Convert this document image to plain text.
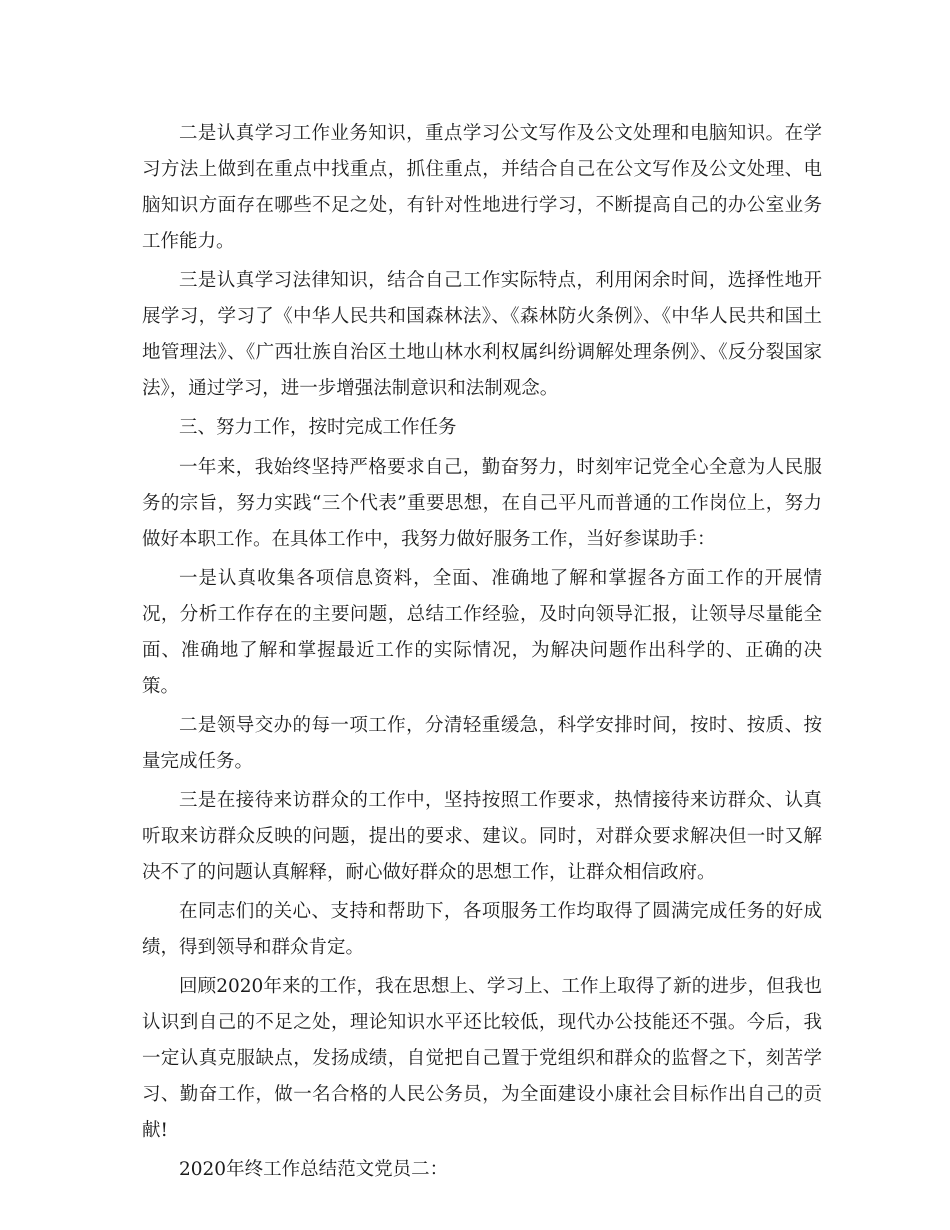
二是认真学习工作业务知识，重点学习公文写作及公文处理和电脑知识。在学习方法上做到在重点中找重点，抓住重点，并结合自己在公文写作及公文处理、电脑知识方面存在哪些不足之处，有针对性地进行学习，不断提高自己的办公室业务工作能力。

三是认真学习法律知识，结合自己工作实际特点，利用闲余时间，选择性地开展学习，学习了《中华人民共和国森林法》、《森林防火条例》、《中华人民共和国土地管理法》、《广西壮族自治区土地山林水利权属纠纷调解处理条例》、《反分裂国家法》，通过学习，进一步增强法制意识和法制观念。

三、努力工作，按时完成工作任务

一年来，我始终坚持严格要求自己，勤奋努力，时刻牢记党全心全意为人民服务的宗旨，努力实践“三个代表”重要思想，在自己平凡而普通的工作岗位上，努力做好本职工作。在具体工作中，我努力做好服务工作，当好参谋助手：

一是认真收集各项信息资料，全面、准确地了解和掌握各方面工作的开展情况，分析工作存在的主要问题，总结工作经验，及时向领导汇报，让领导尽量能全面、准确地了解和掌握最近工作的实际情况，为解决问题作出科学的、正确的决策。

二是领导交办的每一项工作，分清轻重缓急，科学安排时间，按时、按质、按量完成任务。

三是在接待来访群众的工作中，坚持按照工作要求，热情接待来访群众、认真听取来访群众反映的问题，提出的要求、建议。同时，对群众要求解决但一时又解决不了的问题认真解释，耐心做好群众的思想工作，让群众相信政府。

在同志们的关心、支持和帮助下，各项服务工作均取得了圆满完成任务的好成绩，得到领导和群众肯定。

回顾2020年来的工作，我在思想上、学习上、工作上取得了新的进步，但我也认识到自己的不足之处，理论知识水平还比较低，现代办公技能还不强。今后，我一定认真克服缺点，发扬成绩，自觉把自己置于党组织和群众的监督之下，刻苦学习、勤奋工作，做一名合格的人民公务员，为全面建设小康社会目标作出自己的贡献!

2020年终工作总结范文党员二：
